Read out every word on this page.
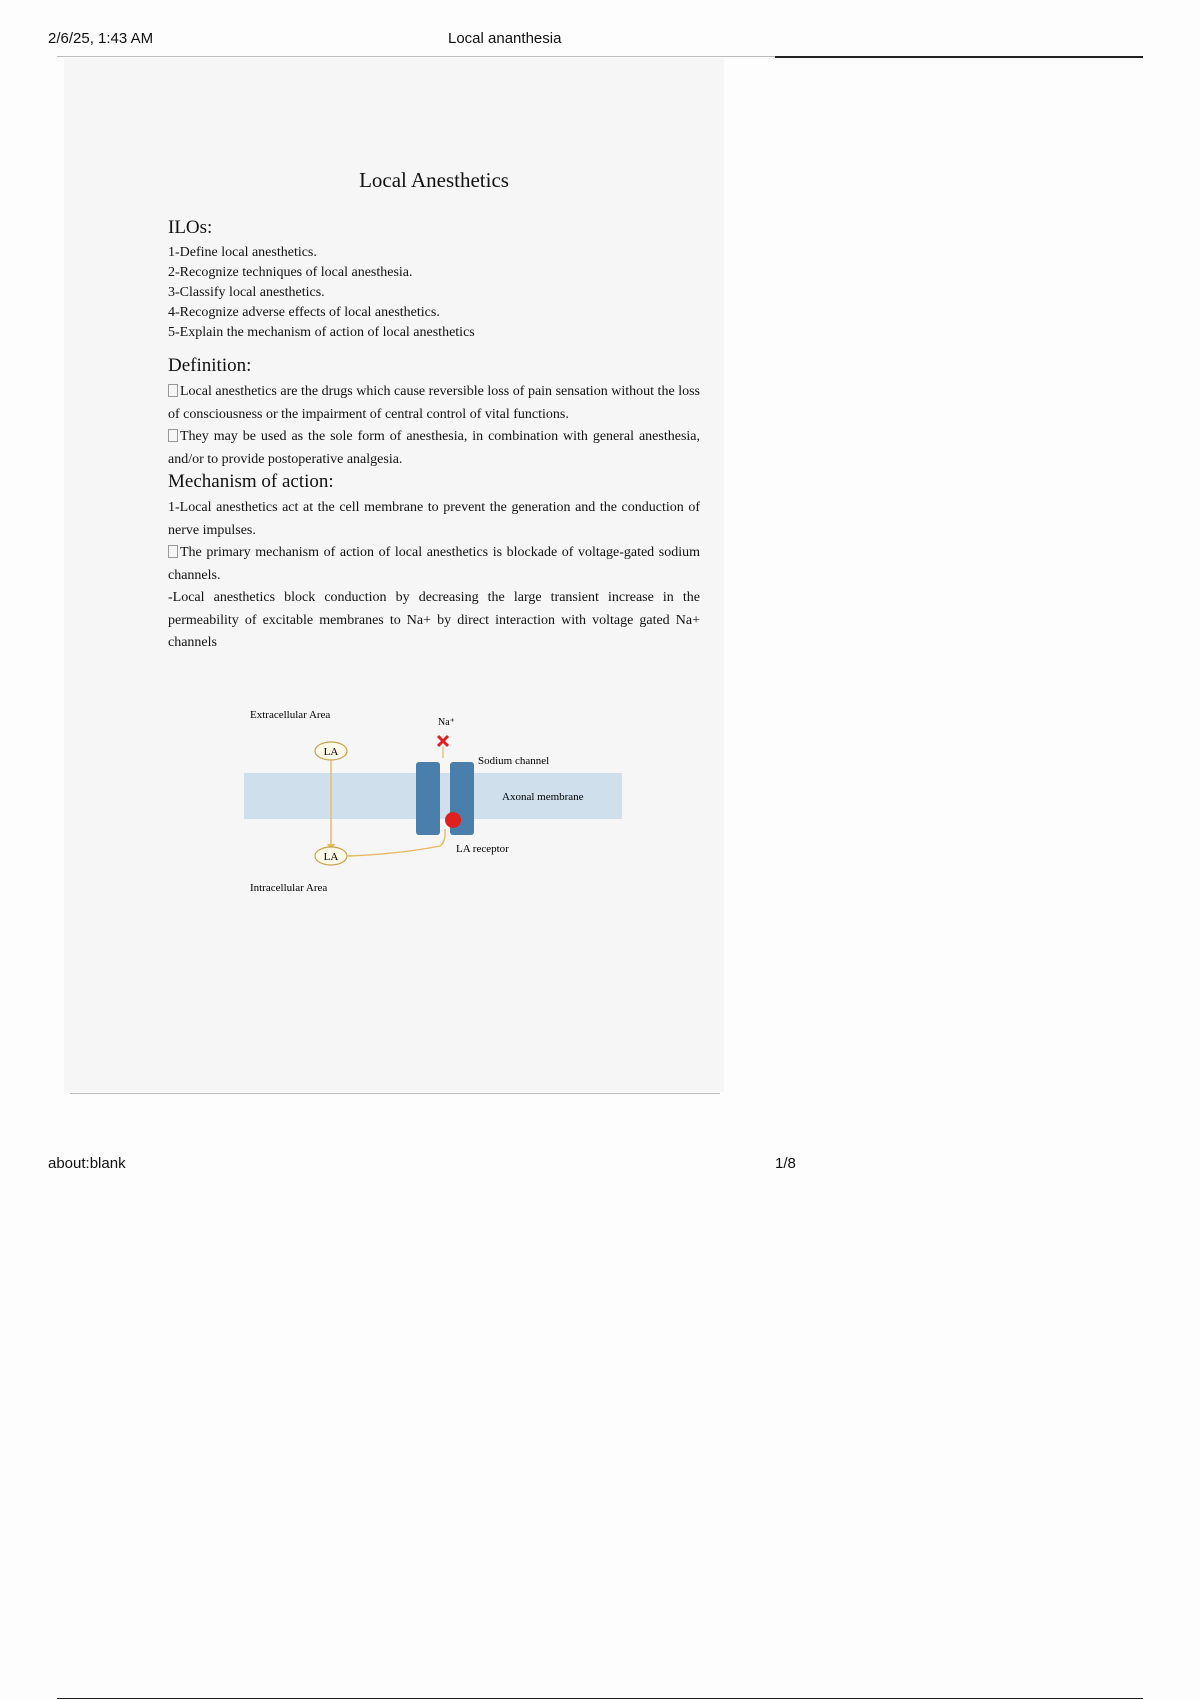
2/6/25, 1:43 AM	Local ananthesia
Local Anesthetics
ILOs:
1-Define local anesthetics.
2-Recognize techniques of local anesthesia.
3-Classify local anesthetics.
4-Recognize adverse effects of local anesthetics.
5-Explain the mechanism of action of local anesthetics
Definition:
Local anesthetics are the drugs which cause reversible loss of pain sensation without the loss of consciousness or the impairment of central control of vital functions.
They may be used as the sole form of anesthesia, in combination with general anesthesia, and/or to provide postoperative analgesia.
Mechanism of action:
1-Local anesthetics act at the cell membrane to prevent the generation and the conduction of nerve impulses.
The primary mechanism of action of local anesthetics is blockade of voltage-gated sodium channels.
-Local anesthetics block conduction by decreasing the large transient increase in the permeability of excitable membranes to Na+ by direct interaction with voltage gated Na+ channels
Extracellular Area
Intracellular Area
LA
LA
Na⁺
Sodium channel
Axonal membrane
LA receptor
about:blank	1/8
